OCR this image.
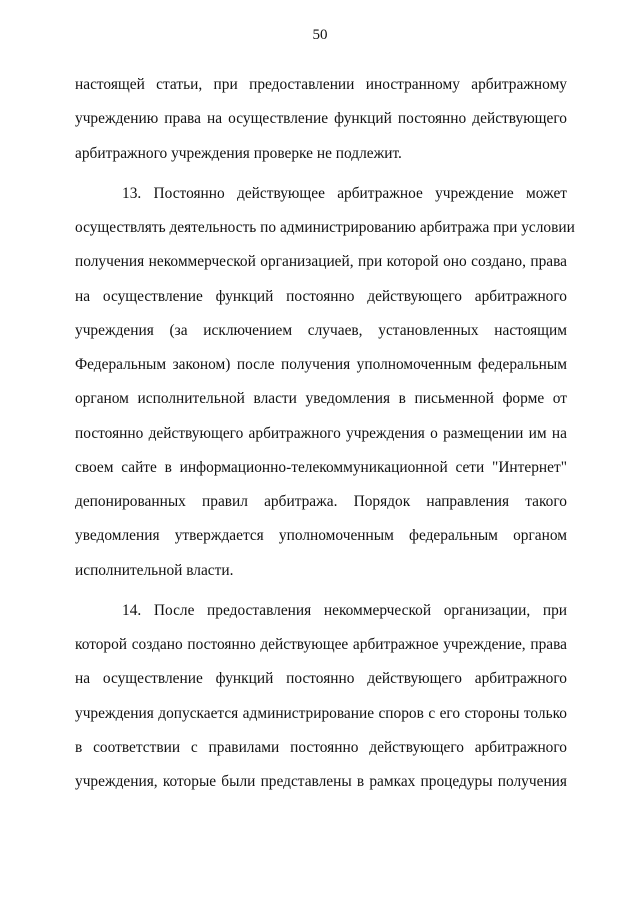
50
настоящей статьи, при предоставлении иностранному арбитражному
учреждению права на осуществление функций постоянно действующего
арбитражного учреждения проверке не подлежит.
13. Постоянно действующее арбитражное учреждение может
осуществлять деятельность по администрированию арбитража при условии
получения некоммерческой организацией, при которой оно создано, права
на осуществление функций постоянно действующего арбитражного
учреждения (за исключением случаев, установленных настоящим
Федеральным законом) после получения уполномоченным федеральным
органом исполнительной власти уведомления в письменной форме от
постоянно действующего арбитражного учреждения о размещении им на
своем сайте в информационно-телекоммуникационной сети "Интернет"
депонированных правил арбитража. Порядок направления такого
уведомления утверждается уполномоченным федеральным органом
исполнительной власти.
14. После предоставления некоммерческой организации, при
которой создано постоянно действующее арбитражное учреждение, права
на осуществление функций постоянно действующего арбитражного
учреждения допускается администрирование споров с его стороны только
в соответствии с правилами постоянно действующего арбитражного
учреждения, которые были представлены в рамках процедуры получения
